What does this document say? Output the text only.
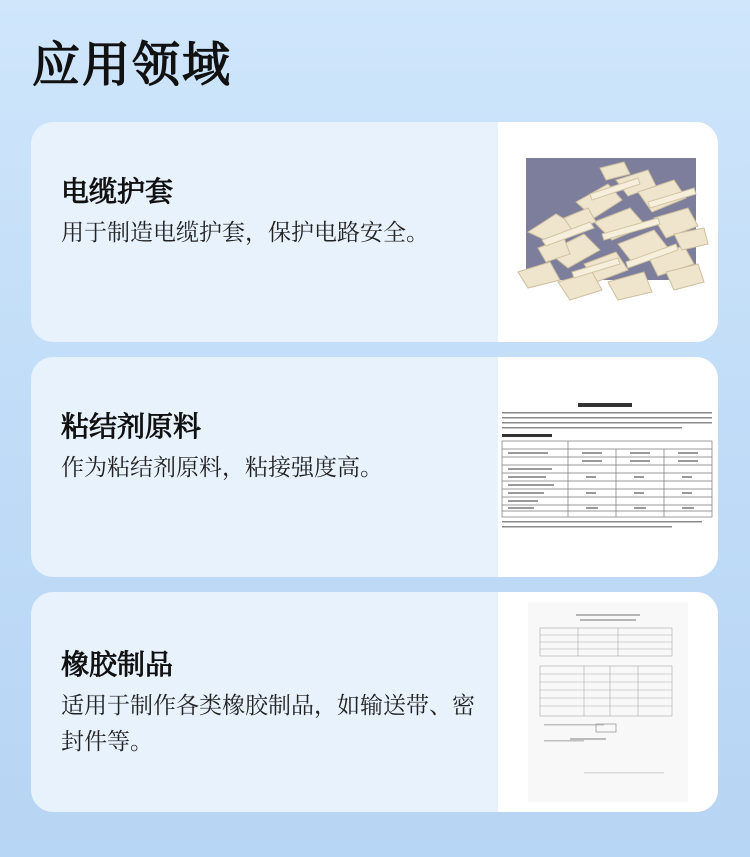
应用领域
电缆护套
用于制造电缆护套，保护电路安全。
粘结剂原料
作为粘结剂原料，粘接强度高。
橡胶制品
适用于制作各类橡胶制品，如输送带、密封件等。
